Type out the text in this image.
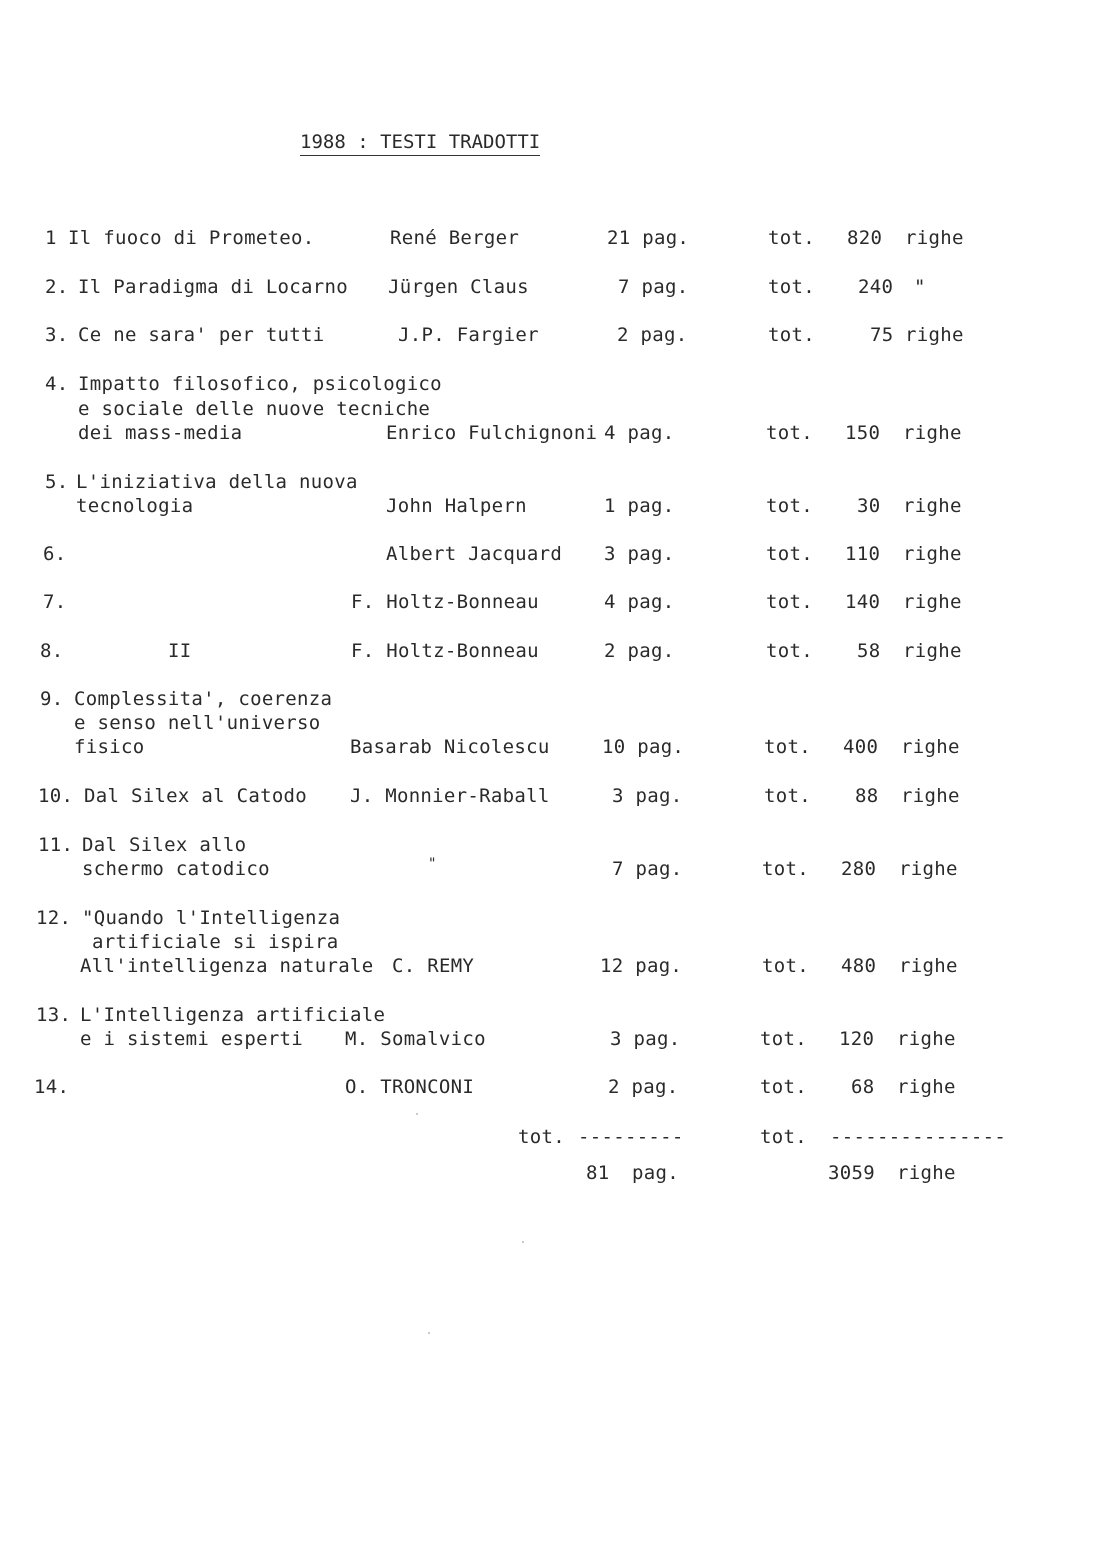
1988 : TESTI TRADOTTI
1 Il fuoco di Prometeo.	René Berger	21 pag.	tot. 820 righe
2. Il Paradigma di Locarno Jürgen Claus	7 pag.	tot. 240 "
3. Ce ne sara' per tutti	J.P. Fargier	2 pag.	tot.	75 righe
4. Impatto filosofico, psicologico
e sociale delle nuove tecniche
dei mass-media	Enrico Fulchignoni 4 pag.	tot. 150 righe
5. L'iniziativa della nuova
tecnologia	John Halpern	1 pag.	tot. 30 righe
6.	Albert Jacquard 3 pag.	tot. 110 righe
7.	F. Holtz-Bonneau	4 pag.	tot. 140 righe
8.	II	F. Holtz-Bonneau	2 pag.	tot. 58 righe
9. Complessita', coerenza
e senso nell'universo
fisico	Basarab Nicolescu	10 pag.	tot. 400 righe
10. Dal Silex al Catodo J. Monnier-Raball	3 pag.	tot. 88 righe
11. Dal Silex allo
schermo catodico	"	7 pag.	tot. 280 righe
12. "Quando l'Intelligenza
artificiale si ispira
All'intelligenza naturale C. REMY	12 pag.	tot. 480 righe
13. L'Intelligenza artificiale
e i sistemi esperti M. Somalvico	3 pag.	tot. 120 righe
14.	O. TRONCONI	2 pag.	tot. 68 righe
tot. ---------	tot. ---------------
81 pag.	3059 righe
